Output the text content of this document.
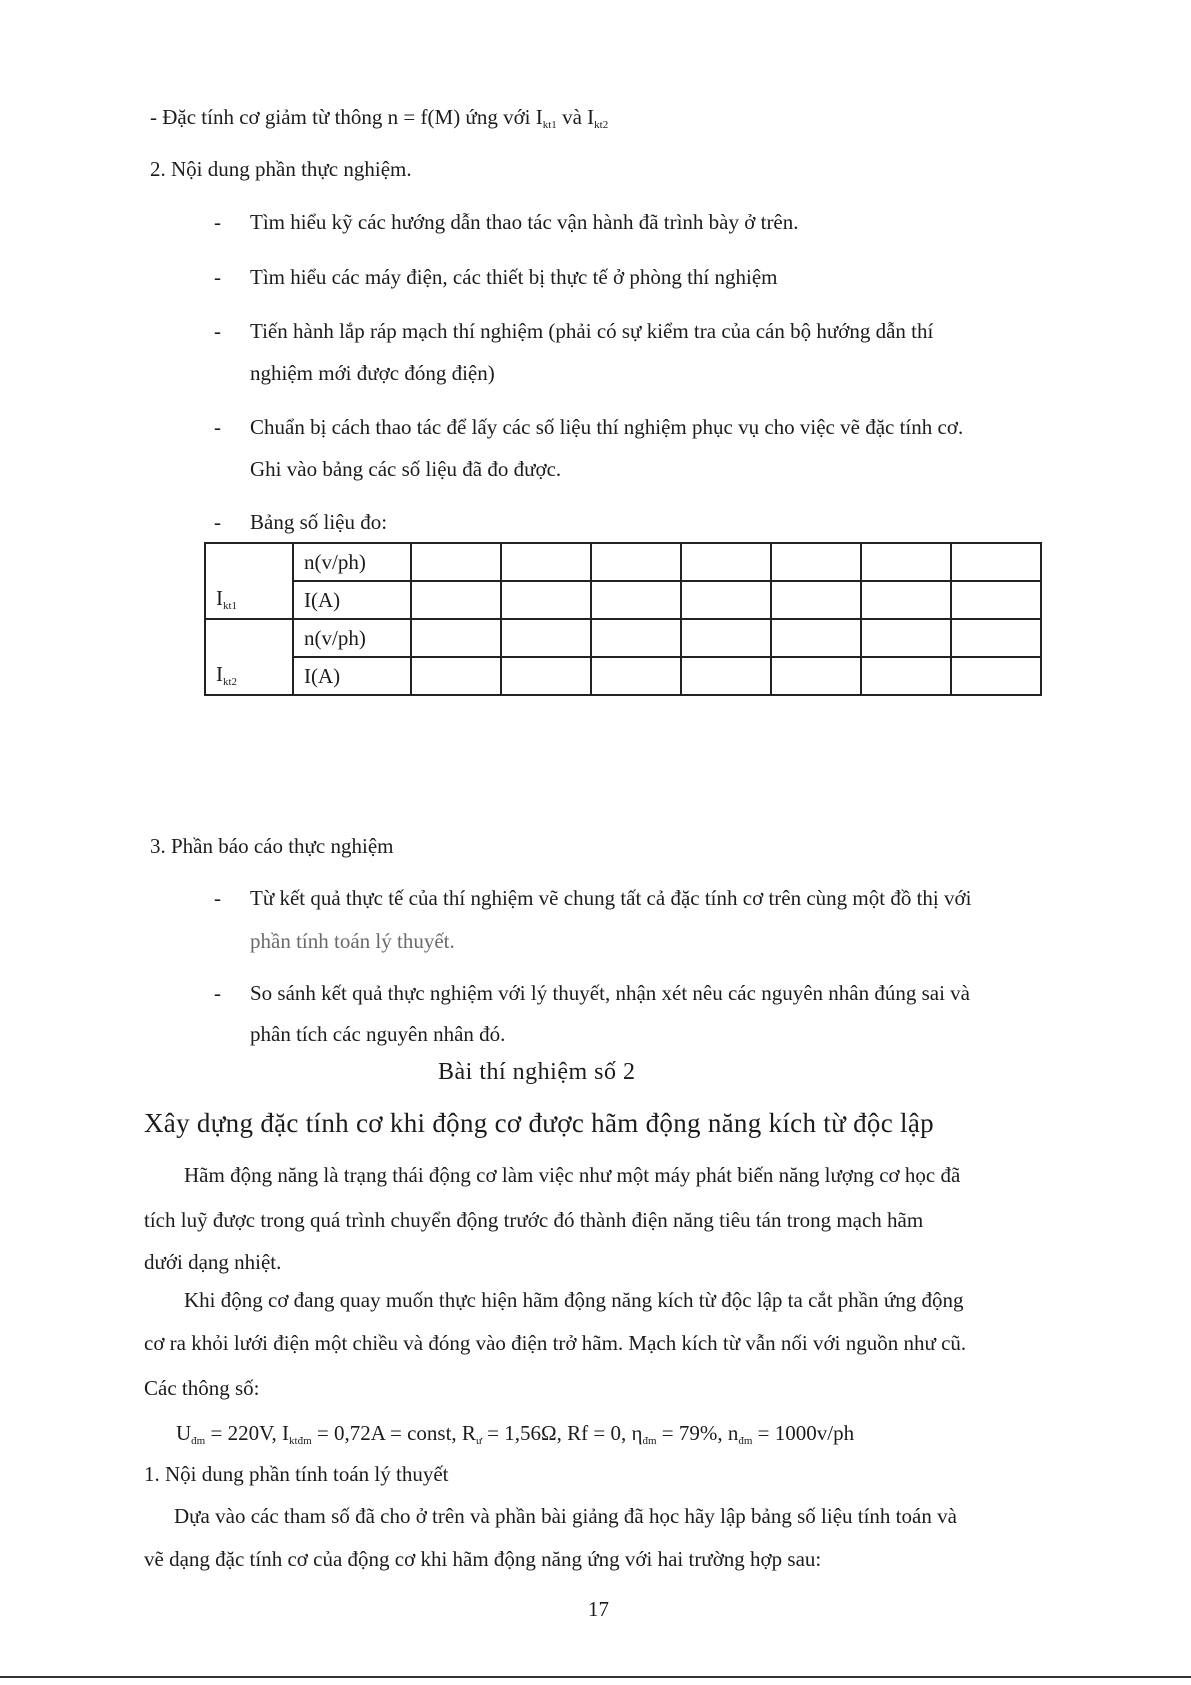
- Đặc tính cơ giảm từ thông n = f(M) ứng với $I_{kt1}$ và $I_{kt2}$
2. Nội dung phần thực nghiệm.
- Tìm hiểu kỹ các hướng dẫn thao tác vận hành đã trình bày ở trên.
- Tìm hiểu các máy điện, các thiết bị thực tế ở phòng thí nghiệm
- Tiến hành lắp ráp mạch thí nghiệm (phải có sự kiểm tra của cán bộ hướng dẫn thí
nghiệm mới được đóng điện)
- Chuẩn bị cách thao tác để lấy các số liệu thí nghiệm phục vụ cho việc vẽ đặc tính cơ.
Ghi vào bảng các số liệu đã đo được.
- Bảng số liệu đo:
$I_{kt1}$	n(v/ph)							
	I(A)							
$I_{kt2}$	n(v/ph)							
	I(A)							
3. Phần báo cáo thực nghiệm
- Từ kết quả thực tế của thí nghiệm vẽ chung tất cả đặc tính cơ trên cùng một đồ thị với
phần tính toán lý thuyết.
- So sánh kết quả thực nghiệm với lý thuyết, nhận xét nêu các nguyên nhân đúng sai và
phân tích các nguyên nhân đó.
Bài thí nghiệm số 2
Xây dựng đặc tính cơ khi động cơ được hãm động năng kích từ độc lập
Hãm động năng là trạng thái động cơ làm việc như một máy phát biến năng lượng cơ học đã
tích luỹ được trong quá trình chuyển động trước đó thành điện năng tiêu tán trong mạch hãm
dưới dạng nhiệt.
Khi động cơ đang quay muốn thực hiện hãm động năng kích từ độc lập ta cắt phần ứng động
cơ ra khỏi lưới điện một chiều và đóng vào điện trở hãm. Mạch kích từ vẫn nối với nguồn như cũ.
Các thông số:
$U_{đm} = 220V$, $I_{ktđm} = 0,72A$ = const, $R_ư = 1,56\Omega$, Rf = 0, $\eta_{đm} = 79\%$, $n_{đm} = 1000v/ph$
1. Nội dung phần tính toán lý thuyết
Dựa vào các tham số đã cho ở trên và phần bài giảng đã học hãy lập bảng số liệu tính toán và
vẽ dạng đặc tính cơ của động cơ khi hãm động năng ứng với hai trường hợp sau:
17
